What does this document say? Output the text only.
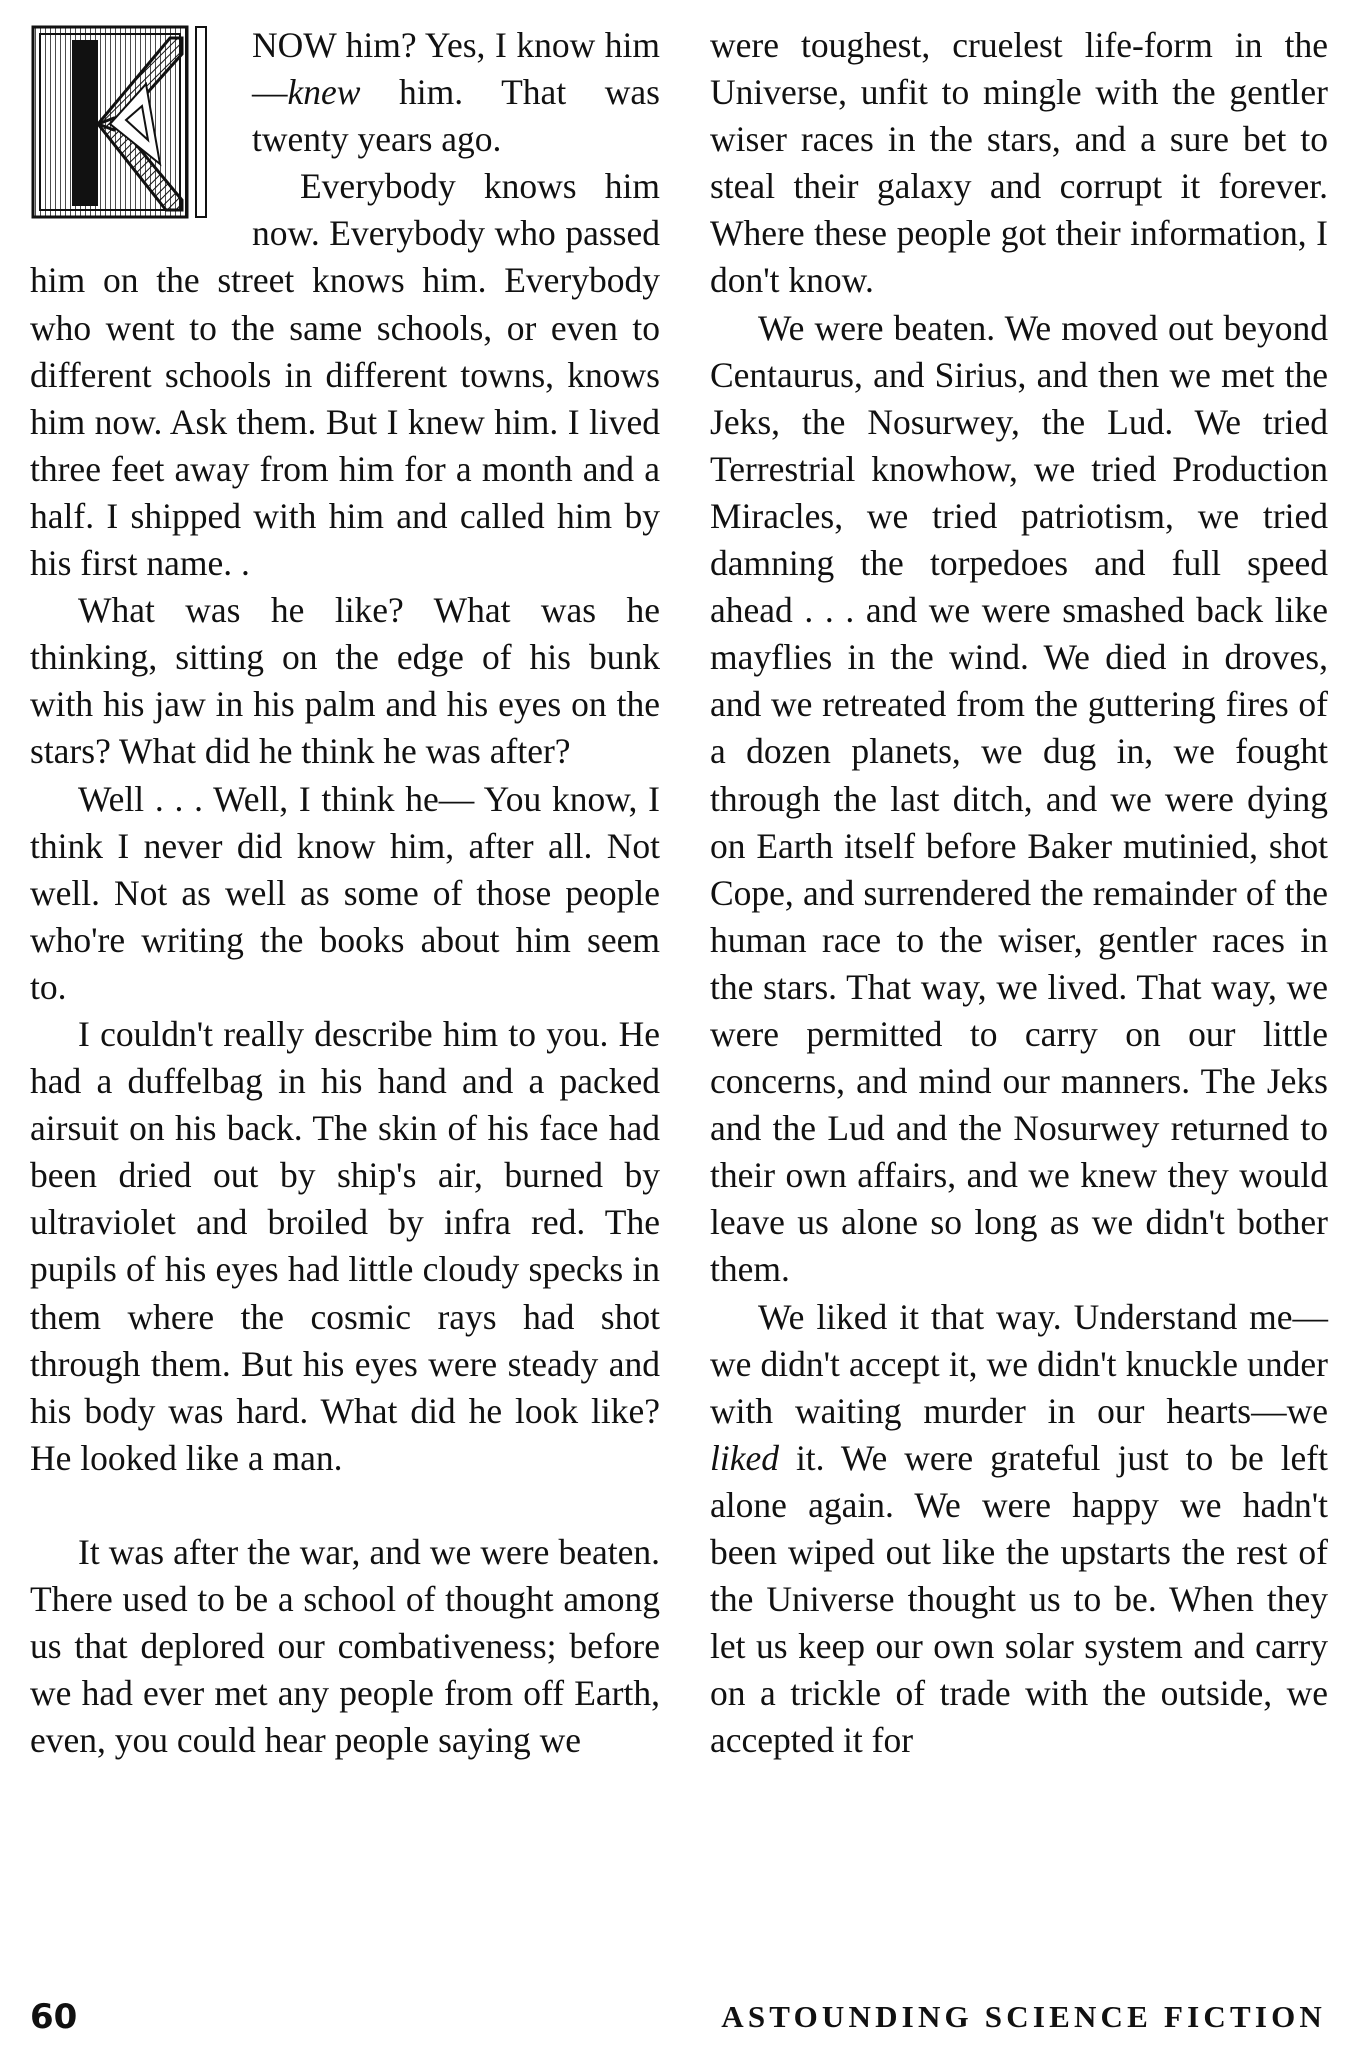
NOW him? Yes, I know him—knew him. That was twenty years ago.

Everybody knows him now. Everybody who passed him on the street knows him. Everybody who went to the same schools, or even to different schools in different towns, knows him now. Ask them. But I knew him. I lived three feet away from him for a month and a half. I shipped with him and called him by his first name. .

What was he like? What was he thinking, sitting on the edge of his bunk with his jaw in his palm and his eyes on the stars? What did he think he was after?

Well . . . Well, I think he— You know, I think I never did know him, after all. Not well. Not as well as some of those people who're writing the books about him seem to.

I couldn't really describe him to you. He had a duffelbag in his hand and a packed airsuit on his back. The skin of his face had been dried out by ship's air, burned by ultraviolet and broiled by infra red. The pupils of his eyes had little cloudy specks in them where the cosmic rays had shot through them. But his eyes were steady and his body was hard. What did he look like? He looked like a man.

It was after the war, and we were beaten. There used to be a school of thought among us that deplored our combativeness; before we had ever met any people from off Earth, even, you could hear people saying we

were toughest, cruelest life-form in the Universe, unfit to mingle with the gentler wiser races in the stars, and a sure bet to steal their galaxy and corrupt it forever. Where these people got their information, I don't know.

We were beaten. We moved out beyond Centaurus, and Sirius, and then we met the Jeks, the Nosurwey, the Lud. We tried Terrestrial knowhow, we tried Production Miracles, we tried patriotism, we tried damning the torpedoes and full speed ahead . . . and we were smashed back like mayflies in the wind. We died in droves, and we retreated from the guttering fires of a dozen planets, we dug in, we fought through the last ditch, and we were dying on Earth itself before Baker mutinied, shot Cope, and surrendered the remainder of the human race to the wiser, gentler races in the stars. That way, we lived. That way, we were permitted to carry on our little concerns, and mind our manners. The Jeks and the Lud and the Nosurwey returned to their own affairs, and we knew they would leave us alone so long as we didn't bother them.

We liked it that way. Understand me—we didn't accept it, we didn't knuckle under with waiting murder in our hearts—we liked it. We were grateful just to be left alone again. We were happy we hadn't been wiped out like the upstarts the rest of the Universe thought us to be. When they let us keep our own solar system and carry on a trickle of trade with the outside, we accepted it for

60	ASTOUNDING SCIENCE FICTION
